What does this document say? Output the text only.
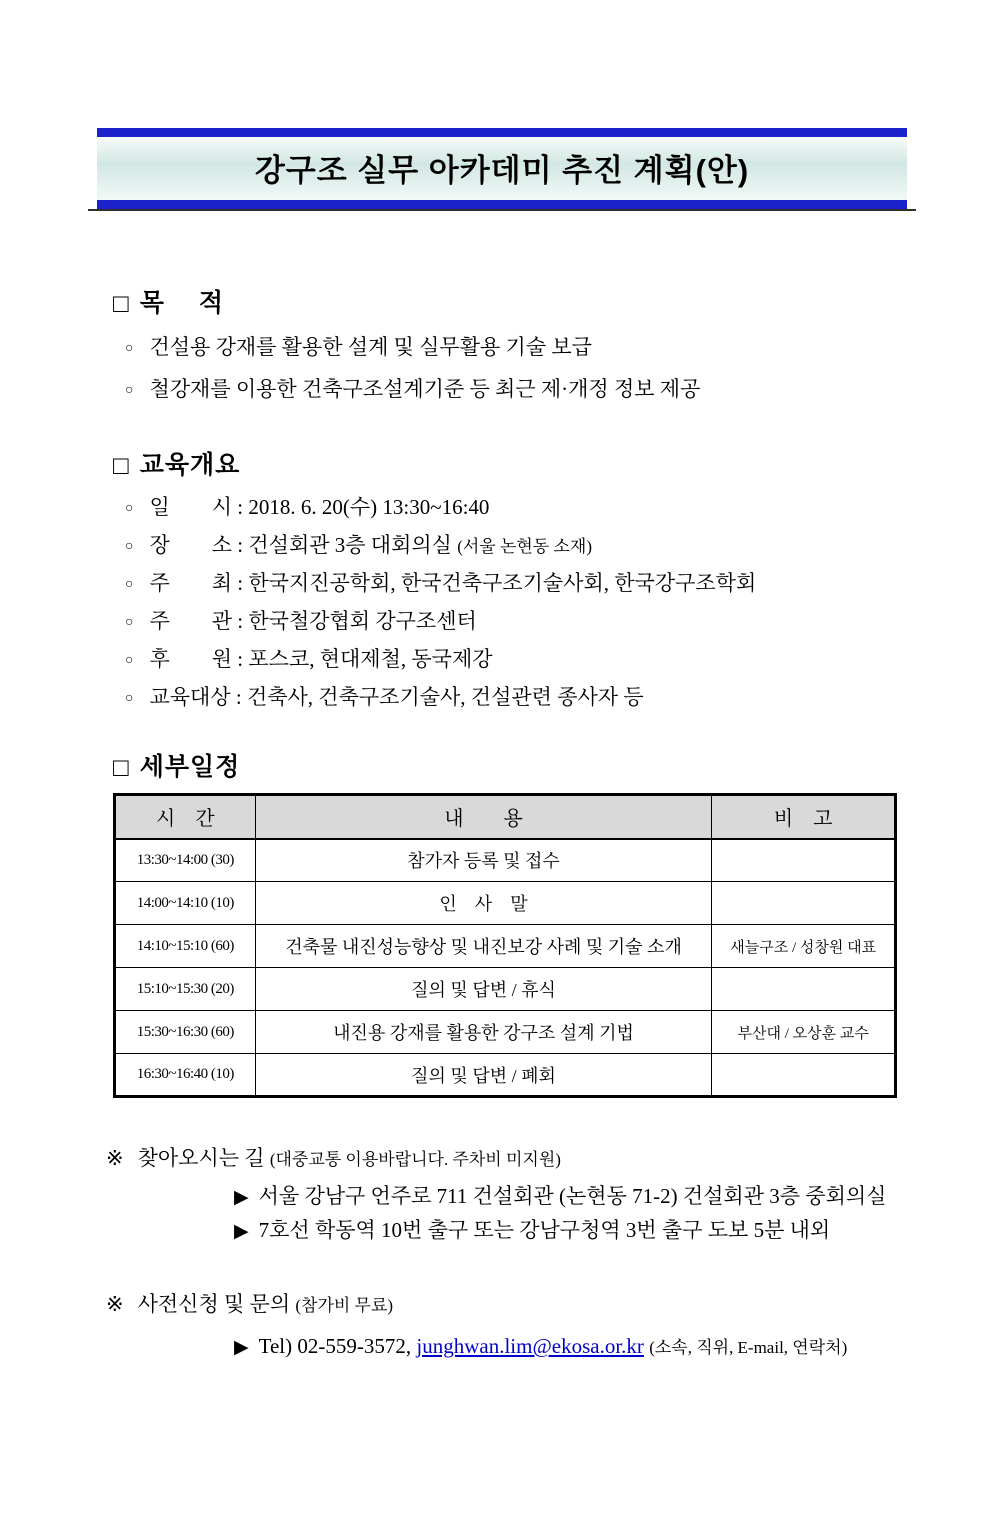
강구조 실무 아카데미 추진 계획(안)
□ 목　 적
○ 건설용 강재를 활용한 설계 및 실무활용 기술 보급
○ 철강재를 이용한 건축구조설계기준 등 최근 제·개정 정보 제공
□ 교육개요
○ 일　　시 : 2018. 6. 20(수) 13:30~16:40
○ 장　　소 : 건설회관 3층 대회의실 (서울 논현동 소재)
○ 주　　최 : 한국지진공학회, 한국건축구조기술사회, 한국강구조학회
○ 주　　관 : 한국철강협회 강구조센터
○ 후　　원 : 포스코, 현대제철, 동국제강
○ 교육대상 : 건축사, 건축구조기술사, 건설관련 종사자 등
□ 세부일정
시　간	내　　용	비　고
13:30~14:00 (30)	참가자 등록 및 접수	
14:00~14:10 (10)	인　사　말	
14:10~15:10 (60)	건축물 내진성능향상 및 내진보강 사례 및 기술 소개	새늘구조 / 성창원 대표
15:10~15:30 (20)	질의 및 답변 / 휴식	
15:30~16:30 (60)	내진용 강재를 활용한 강구조 설계 기법	부산대 / 오상훈 교수
16:30~16:40 (10)	질의 및 답변 / 폐회	
※ 찾아오시는 길 (대중교통 이용바랍니다. 주차비 미지원)
▶ 서울 강남구 언주로 711 건설회관 (논현동 71-2) 건설회관 3층 중회의실
▶ 7호선 학동역 10번 출구 또는 강남구청역 3번 출구 도보 5분 내외
※ 사전신청 및 문의 (참가비 무료)
▶ Tel) 02-559-3572, junghwan.lim@ekosa.or.kr (소속, 직위, E-mail, 연락처)
